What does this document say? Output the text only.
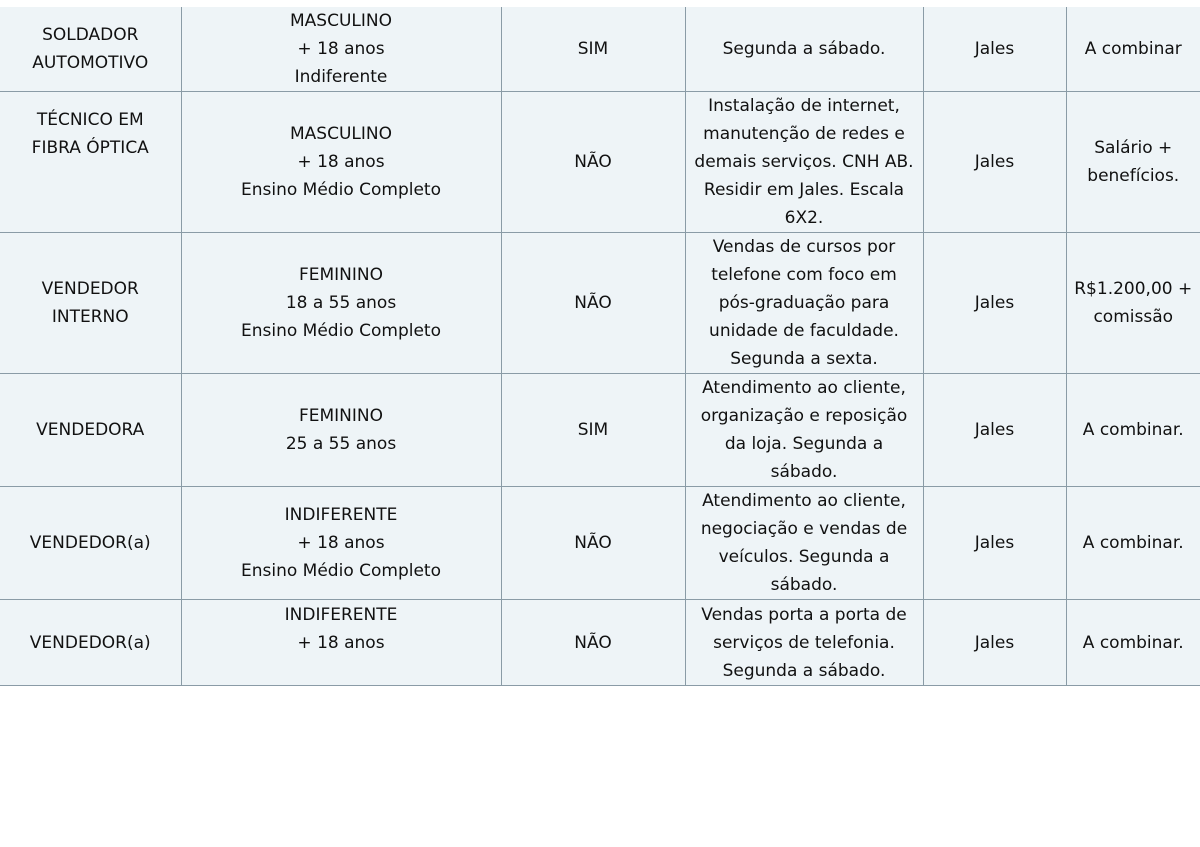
SOLDADOR
AUTOMOTIVO	MASCULINO
+ 18 anos
Indiferente	SIM	Segunda a sábado.	Jales	A combinar

TÉCNICO EM
FIBRA ÓPTICA	MASCULINO
+ 18 anos
Ensino Médio Completo	NÃO	Instalação de internet,
manutenção de redes e
demais serviços. CNH AB.
Residir em Jales. Escala
6X2.	Jales	Salário +
benefícios.

VENDEDOR
INTERNO	FEMININO
18 a 55 anos
Ensino Médio Completo	NÃO	Vendas de cursos por
telefone com foco em
pós-graduação para
unidade de faculdade.
Segunda a sexta.	Jales	R$1.200,00 +
comissão

VENDEDORA	FEMININO
25 a 55 anos	SIM	Atendimento ao cliente,
organização e reposição
da loja. Segunda a
sábado.	Jales	A combinar.

VENDEDOR(a)	INDIFERENTE
+ 18 anos
Ensino Médio Completo	NÃO	Atendimento ao cliente,
negociação e vendas de
veículos. Segunda a
sábado.	Jales	A combinar.

VENDEDOR(a)	INDIFERENTE
+ 18 anos	NÃO	Vendas porta a porta de
serviços de telefonia.
Segunda a sábado.	Jales	A combinar.
